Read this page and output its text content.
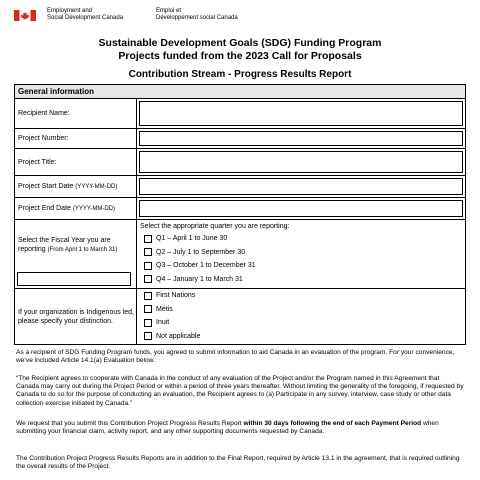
Employment and
Social Development Canada
Emploi et
Développement social Canada
Sustainable Development Goals (SDG) Funding Program
Projects funded from the 2023 Call for Proposals
Contribution Stream - Progress Results Report
General information	
Recipient Name:	

Project Number:	

Project Title:	

Project Start Date (YYYY-MM-DD)	

Project End Date (YYYY-MM-DD)	

Select the Fiscal Year you are reporting (From April 1 to March 31)	Select the appropriate quarter you are reporting:
Q1 – April 1 to June 30
Q2 – July 1 to September 30
Q3 – October 1 to December 31
Q4 – January 1 to March 31

If your organization is Indigenous led, please specify your distinction.	First Nations
Métis
Inuit
Not applicable
As a recipient of SDG Funding Program funds, you agreed to submit information to aid Canada in an evaluation of the program. For your convenience, we’ve included Article 14.1(a) Evaluation below.
“The Recipient agrees to cooperate with Canada in the conduct of any evaluation of the Project and/or the Program named in this Agreement that Canada may carry out during the Project Period or within a period of three years thereafter. Without limiting the generality of the foregoing, if requested by Canada to do so for the purpose of conducting an evaluation, the Recipient agrees to (a) Participate in any survey, interview, case study or other data collection exercise initiated by Canada.”
We request that you submit this Contribution Project Progress Results Report within 30 days following the end of each Payment Period when submitting your financial claim, activity report, and any other supporting documents requested by Canada.
The Contribution Project Progress Results Reports are in addition to the Final Report, required by Article 13.1 in the agreement, that is required outlining the overall results of the Project.
